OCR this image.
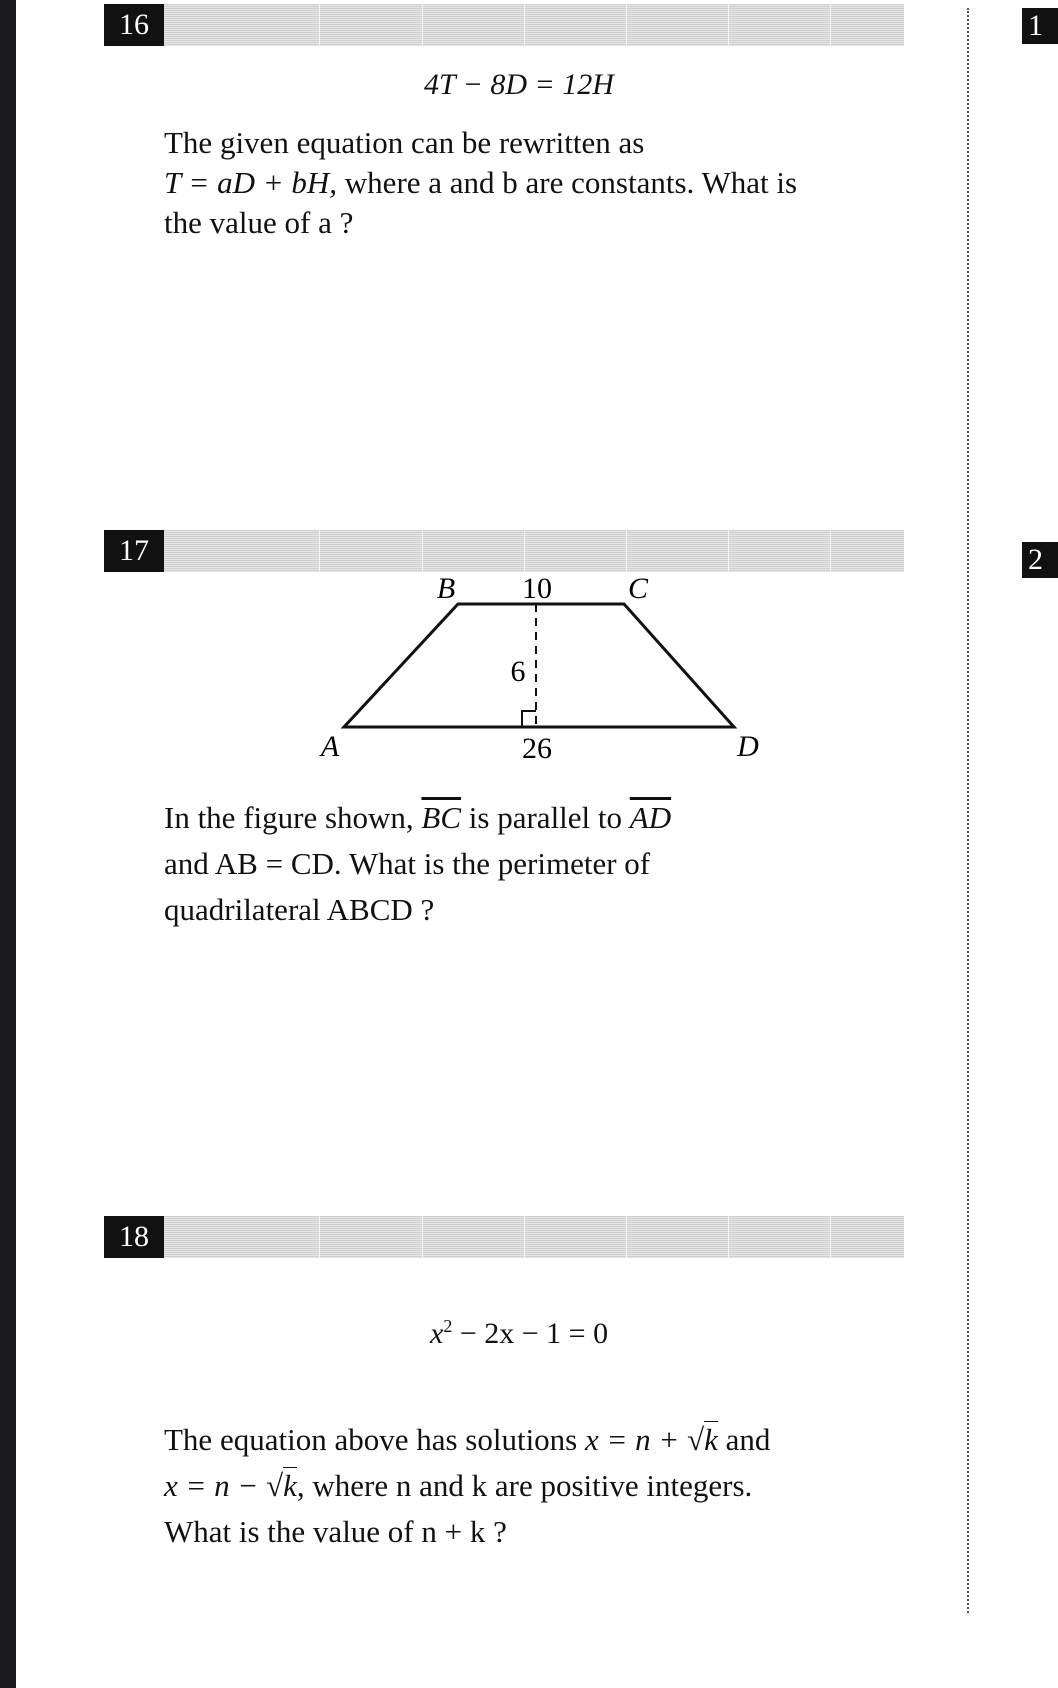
1
2
16
4T − 8D = 12H
The given equation can be rewritten as
T = aD + bH, where a and b are constants. What is
the value of a ?
17
B 10	C
6
A	26	D
In the figure shown, $\overline{BC}$ is parallel to $\overline{AD}$
and AB = CD. What is the perimeter of
quadrilateral ABCD ?
18
$x^2 - 2x - 1 = 0$
The equation above has solutions x = n + √k and
x = n − √k, where n and k are positive integers.
What is the value of n + k ?
